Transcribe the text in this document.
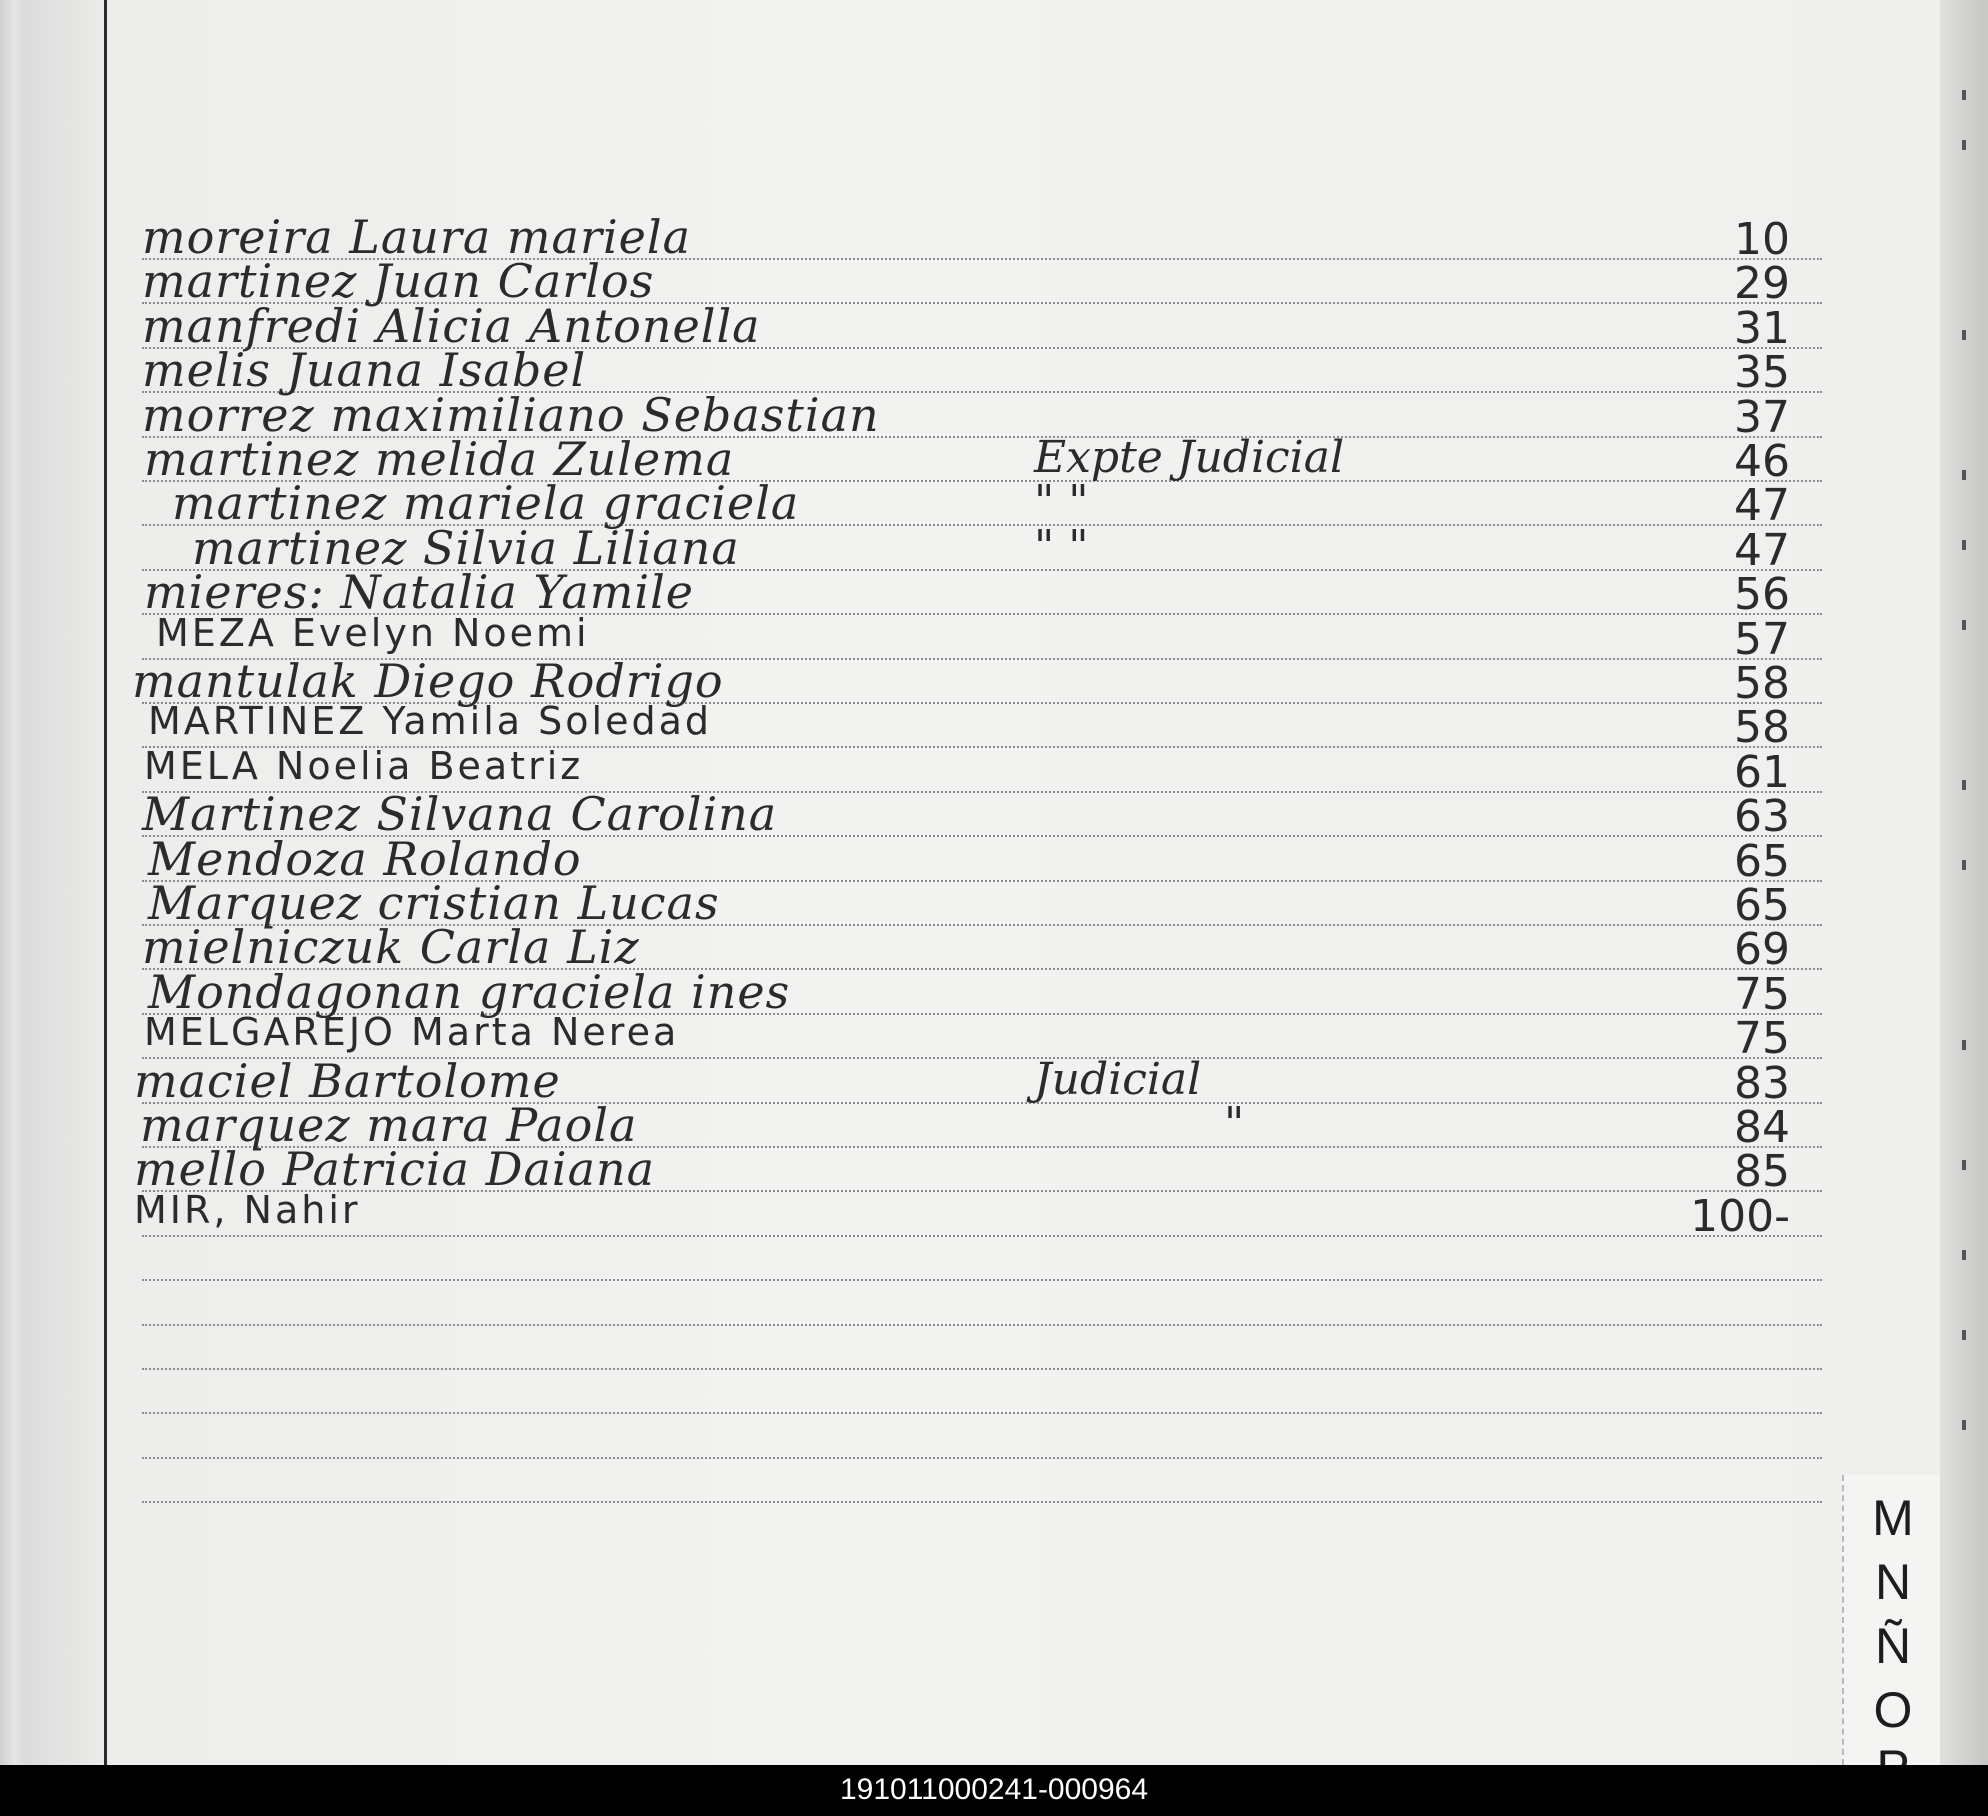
moreira Laura mariela	10
martinez Juan Carlos	29
manfredi Alicia Antonella	31
melis Juana Isabel	35
morrez maximiliano Sebastian	37
martinez melida Zulema	Expte Judicial	46
martinez mariela graciela	" "	47
martinez Silvia Liliana	" "	47
mieres: Natalia Yamile	56
MEZA Evelyn Noemi	57
mantulak Diego Rodrigo	58
MARTINEZ Yamila Soledad	58
MELA Noelia Beatriz	61
Martinez Silvana Carolina	63
Mendoza Rolando	65
Marquez cristian Lucas	65
mielniczuk Carla Liz	69
Mondagonan graciela ines	75
MELGAREJO Marta Nerea	75
maciel Bartolome	Judicial	83
marquez mara Paola	"	84
mello Patricia Daiana	85
MIR, Nahir	100-
M
N
Ñ
O
191011000241-000964
